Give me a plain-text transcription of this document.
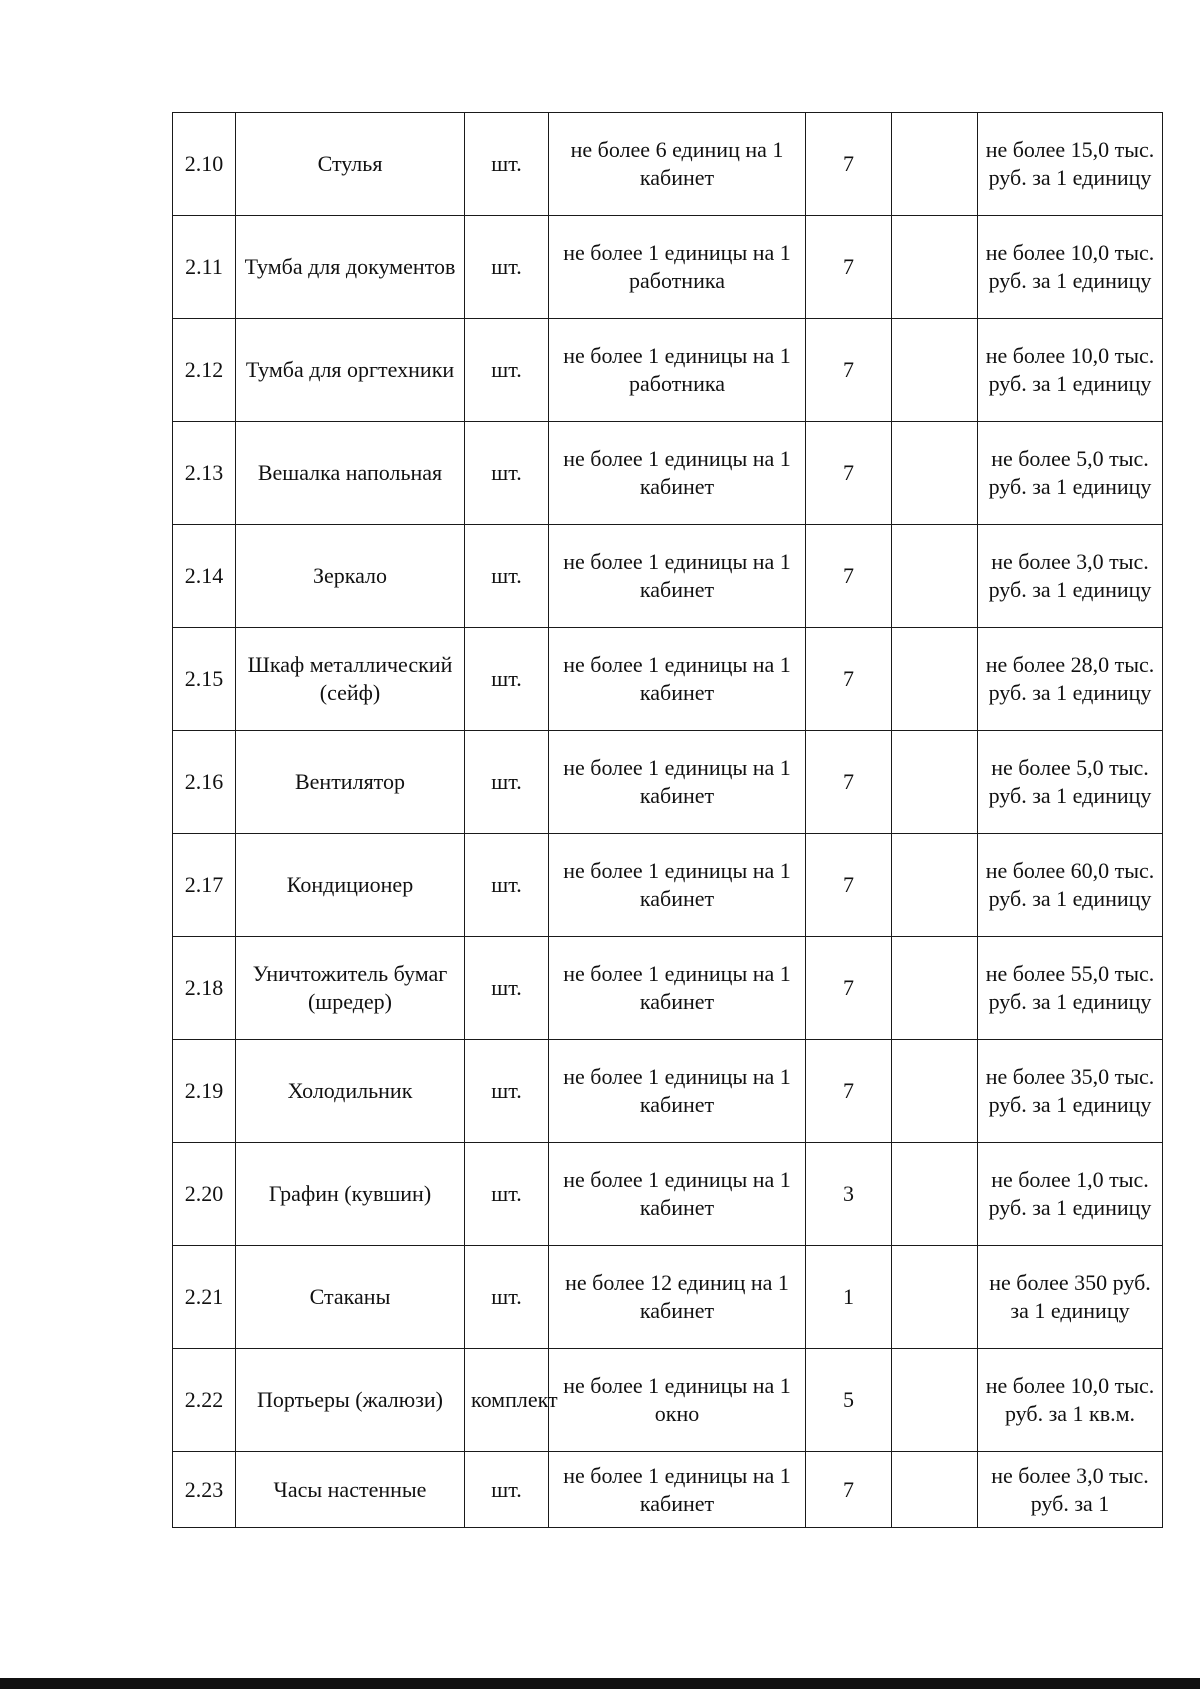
2.10	Стулья	шт.	не более 6 единиц на 1 кабинет	7		не более 15,0 тыс. руб. за 1 единицу
2.11	Тумба для документов	шт.	не более 1 единицы на 1 работника	7		не более 10,0 тыс. руб. за 1 единицу
2.12	Тумба для оргтехники	шт.	не более 1 единицы на 1 работника	7		не более 10,0 тыс. руб. за 1 единицу
2.13	Вешалка напольная	шт.	не более 1 единицы на 1 кабинет	7		не более 5,0 тыс. руб. за 1 единицу
2.14	Зеркало	шт.	не более 1 единицы на 1 кабинет	7		не более 3,0 тыс. руб. за 1 единицу
2.15	Шкаф металлический (сейф)	шт.	не более 1 единицы на 1 кабинет	7		не более 28,0 тыс. руб. за 1 единицу
2.16	Вентилятор	шт.	не более 1 единицы на 1 кабинет	7		не более 5,0 тыс. руб. за 1 единицу
2.17	Кондиционер	шт.	не более 1 единицы на 1 кабинет	7		не более 60,0 тыс. руб. за 1 единицу
2.18	Уничтожитель бумаг (шредер)	шт.	не более 1 единицы на 1 кабинет	7		не более 55,0 тыс. руб. за 1 единицу
2.19	Холодильник	шт.	не более 1 единицы на 1 кабинет	7		не более 35,0 тыс. руб. за 1 единицу
2.20	Графин (кувшин)	шт.	не более 1 единицы на 1 кабинет	3		не более 1,0 тыс. руб. за 1 единицу
2.21	Стаканы	шт.	не более 12 единиц на 1 кабинет	1		не более 350 руб. за 1 единицу
2.22	Портьеры (жалюзи)	комплект	не более 1 единицы на 1 окно	5		не более 10,0 тыс. руб. за 1 кв.м.
2.23	Часы настенные	шт.	не более 1 единицы на 1 кабинет	7		не более 3,0 тыс. руб. за 1
